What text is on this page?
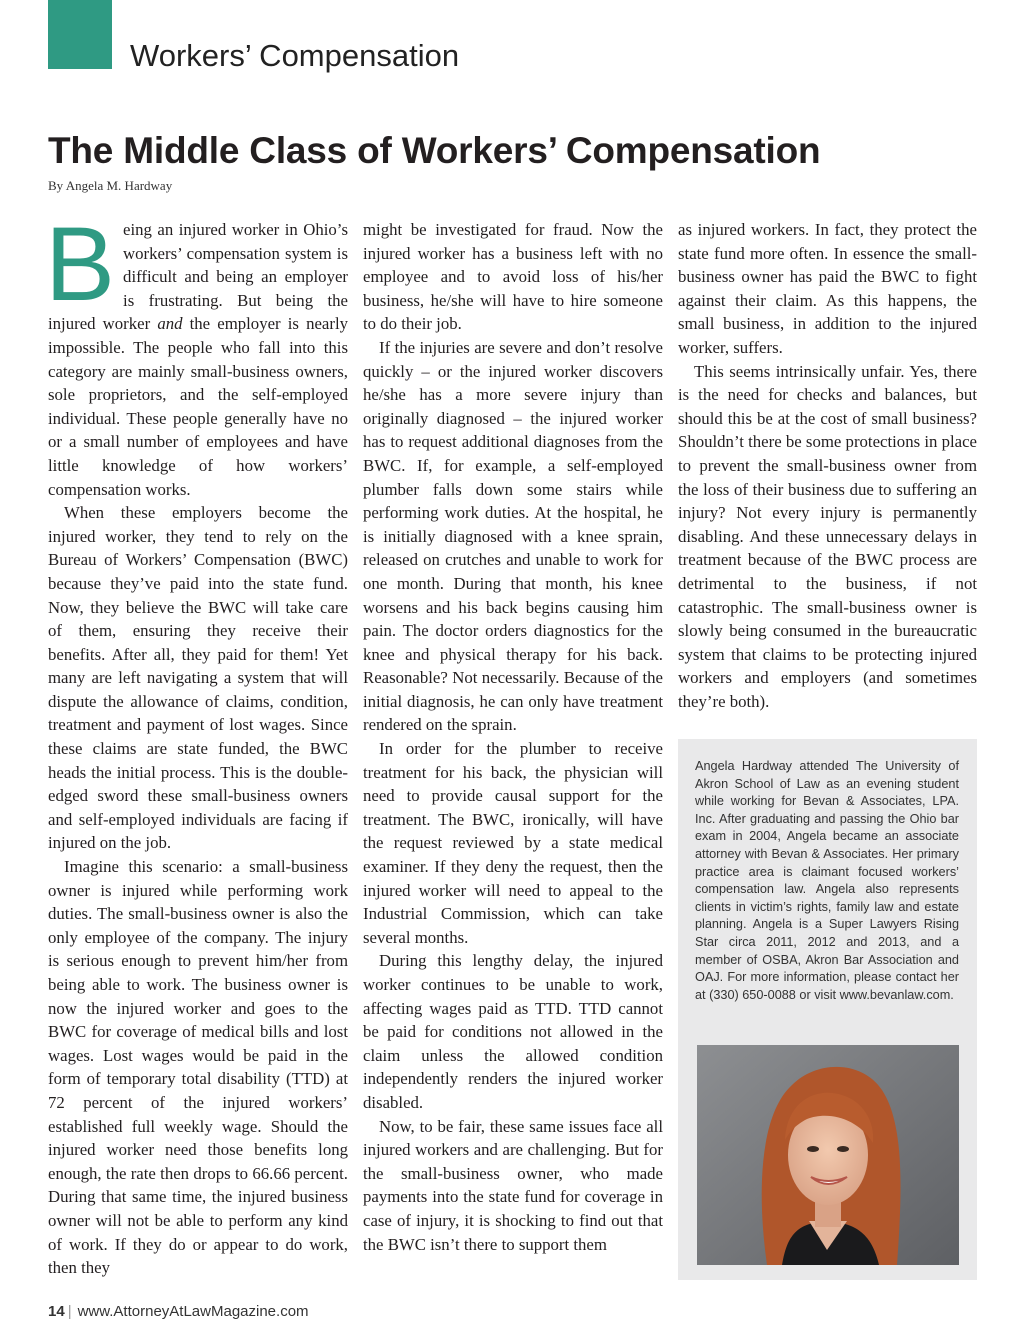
Workers’ Compensation
The Middle Class of Workers’ Compensation
By Angela M. Hardway

Being an injured worker in Ohio’s workers’ compensation system is difficult and being an employer is frustrating. But being the injured worker and the employer is nearly impossible. The people who fall into this category are mainly small-business owners, sole proprietors, and the self-employed individual. These people generally have no or a small number of employees and have little knowledge of how workers’ compensation works.

When these employers become the injured worker, they tend to rely on the Bureau of Workers’ Compensation (BWC) because they’ve paid into the state fund. Now, they believe the BWC will take care of them, ensuring they receive their benefits. After all, they paid for them! Yet many are left navigating a system that will dispute the allowance of claims, condition, treatment and payment of lost wages. Since these claims are state funded, the BWC heads the initial process. This is the double-edged sword these small-business owners and self-employed individuals are facing if injured on the job.

Imagine this scenario: a small-business owner is injured while performing work duties. The small-business owner is also the only employee of the company. The injury is serious enough to prevent him/her from being able to work. The business owner is now the injured worker and goes to the BWC for coverage of medical bills and lost wages. Lost wages would be paid in the form of temporary total disability (TTD) at 72 percent of the injured workers’ established full weekly wage. Should the injured worker need those benefits long enough, the rate then drops to 66.66 percent. During that same time, the injured business owner will not be able to perform any kind of work. If they do or appear to do work, then they

might be investigated for fraud. Now the injured worker has a business left with no employee and to avoid loss of his/her business, he/she will have to hire someone to do their job.

If the injuries are severe and don’t resolve quickly – or the injured worker discovers he/she has a more severe injury than originally diagnosed – the injured worker has to request additional diagnoses from the BWC. If, for example, a self-employed plumber falls down some stairs while performing work duties. At the hospital, he is initially diagnosed with a knee sprain, released on crutches and unable to work for one month. During that month, his knee worsens and his back begins causing him pain. The doctor orders diagnostics for the knee and physical therapy for his back. Reasonable? Not necessarily. Because of the initial diagnosis, he can only have treatment rendered on the sprain.

In order for the plumber to receive treatment for his back, the physician will need to provide causal support for the treatment. The BWC, ironically, will have the request reviewed by a state medical examiner. If they deny the request, then the injured worker will need to appeal to the Industrial Commission, which can take several months.

During this lengthy delay, the injured worker continues to be unable to work, affecting wages paid as TTD. TTD cannot be paid for conditions not allowed in the claim unless the allowed condition independently renders the injured worker disabled.

Now, to be fair, these same issues face all injured workers and are challenging. But for the small-business owner, who made payments into the state fund for coverage in case of injury, it is shocking to find out that the BWC isn’t there to support them

as injured workers. In fact, they protect the state fund more often. In essence the small-business owner has paid the BWC to fight against their claim. As this happens, the small business, in addition to the injured worker, suffers.

This seems intrinsically unfair. Yes, there is the need for checks and balances, but should this be at the cost of small business? Shouldn’t there be some protections in place to prevent the small-business owner from the loss of their business due to suffering an injury? Not every injury is permanently disabling. And these unnecessary delays in treatment because of the BWC process are detrimental to the business, if not catastrophic. The small-business owner is slowly being consumed in the bureaucratic system that claims to be protecting injured workers and employers (and sometimes they’re both).

Angela Hardway attended The University of Akron School of Law as an evening student while working for Bevan & Associates, LPA. Inc. After graduating and passing the Ohio bar exam in 2004, Angela became an associate attorney with Bevan & Associates. Her primary practice area is claimant focused workers’ compensation law. Angela also represents clients in victim’s rights, family law and estate planning. Angela is a Super Lawyers Rising Star circa 2011, 2012 and 2013, and a member of OSBA, Akron Bar Association and OAJ. For more information, please contact her at (330) 650-0088 or visit www.bevanlaw.com.
14 | www.AttorneyAtLawMagazine.com
